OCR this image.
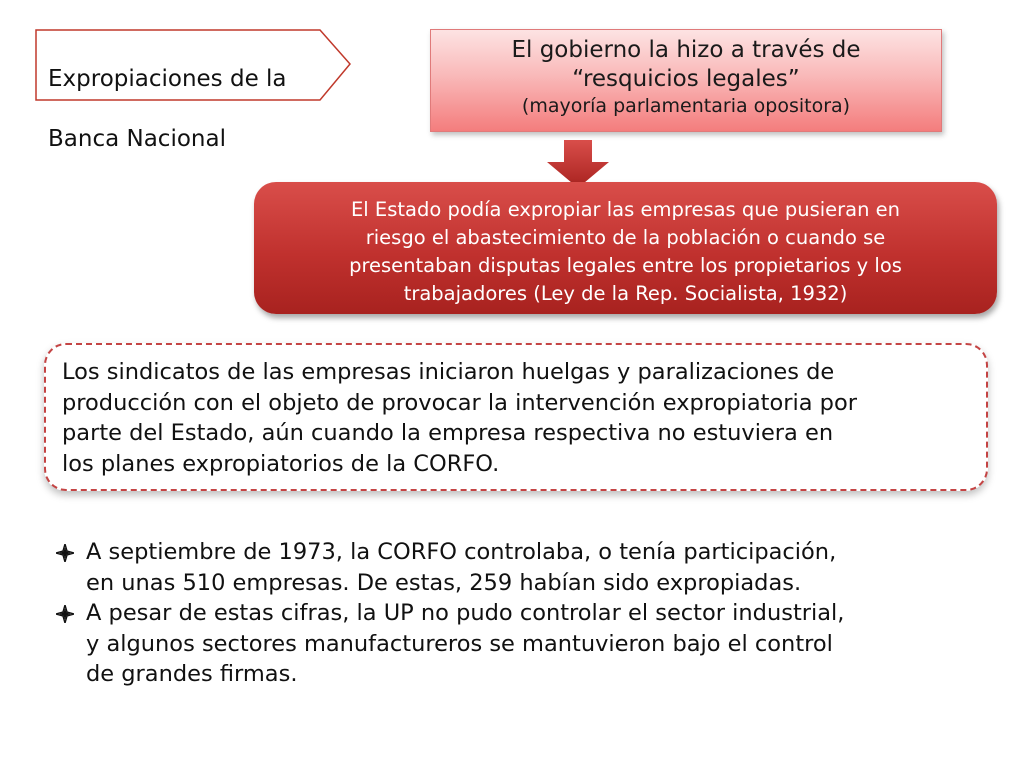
Expropiaciones de la

Banca Nacional

El gobierno la hizo a través de
“resquicios legales”
(mayoría parlamentaria opositora)
El Estado podía expropiar las empresas que pusieran en
riesgo el abastecimiento de la población o cuando se
presentaban disputas legales entre los propietarios y los
trabajadores (Ley de la Rep. Socialista, 1932)
Los sindicatos de las empresas iniciaron huelgas y paralizaciones de
producción con el objeto de provocar la intervención expropiatoria por
parte del Estado, aún cuando la empresa respectiva no estuviera en
los planes expropiatorios de la CORFO.
A septiembre de 1973, la CORFO controlaba, o tenía participación,
en unas 510 empresas. De estas, 259 habían sido expropiadas.
A pesar de estas cifras, la UP no pudo controlar el sector industrial,
y algunos sectores manufactureros se mantuvieron bajo el control
de grandes firmas.
